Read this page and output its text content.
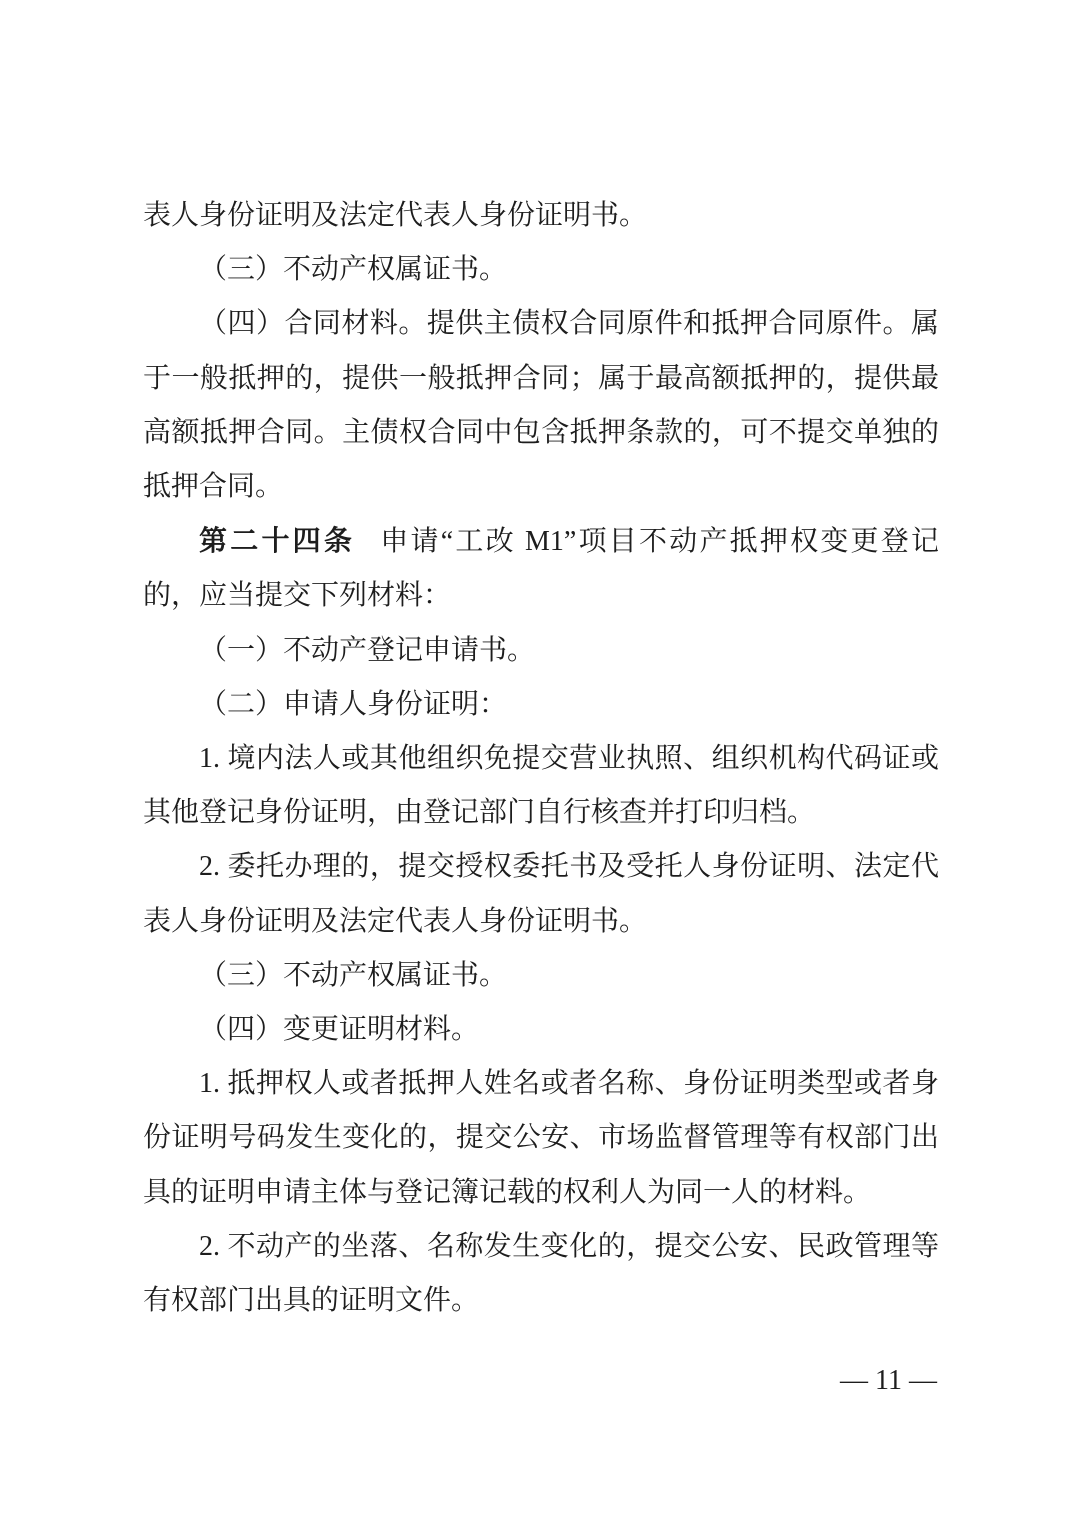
表人身份证明及法定代表人身份证明书。
（三）不动产权属证书。
（四）合同材料。提供主债权合同原件和抵押合同原件。属
于一般抵押的，提供一般抵押合同；属于最高额抵押的，提供最
高额抵押合同。主债权合同中包含抵押条款的，可不提交单独的
抵押合同。
第二十四条 申请“工改 M1”项目不动产抵押权变更登记
的，应当提交下列材料：
（一）不动产登记申请书。
（二）申请人身份证明：
1. 境内法人或其他组织免提交营业执照、组织机构代码证或
其他登记身份证明，由登记部门自行核查并打印归档。
2. 委托办理的，提交授权委托书及受托人身份证明、法定代
表人身份证明及法定代表人身份证明书。
（三）不动产权属证书。
（四）变更证明材料。
1. 抵押权人或者抵押人姓名或者名称、身份证明类型或者身
份证明号码发生变化的，提交公安、市场监督管理等有权部门出
具的证明申请主体与登记簿记载的权利人为同一人的材料。
2. 不动产的坐落、名称发生变化的，提交公安、民政管理等
有权部门出具的证明文件。
— 11 —
